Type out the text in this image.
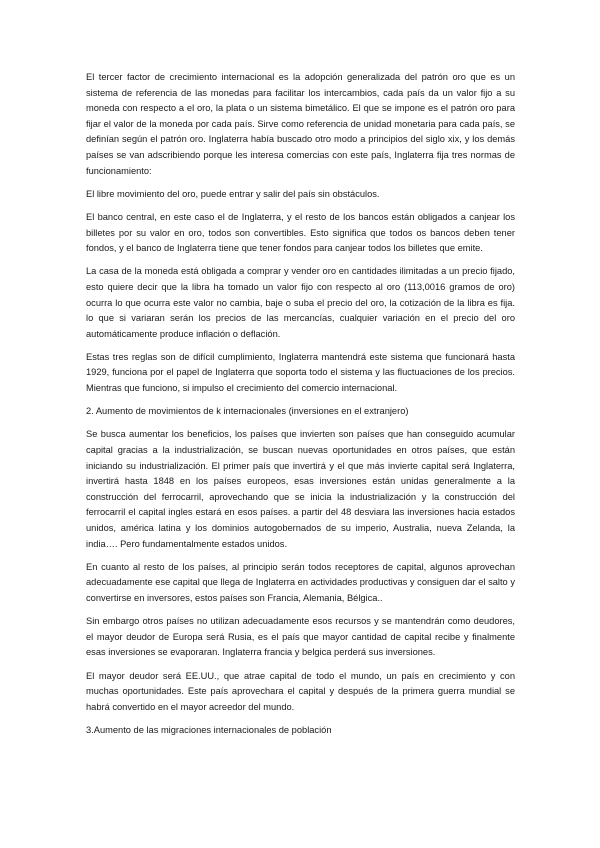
El tercer factor de crecimiento internacional es la adopción generalizada del patrón oro que es un sistema de referencia de las monedas para facilitar los intercambios, cada país da un valor fijo a su moneda con respecto a el oro, la plata o un sistema bimetálico. El que se impone es el patrón oro para fijar el valor de la moneda por cada país. Sirve como referencia de unidad monetaria para cada país, se definían según el patrón oro. Inglaterra había buscado otro modo a principios del siglo xix, y los demás países se van adscribiendo porque les interesa comercias con este país, Inglaterra fija tres normas de funcionamiento:

El libre movimiento del oro, puede entrar y salir del país sin obstáculos.

El banco central, en este caso el de Inglaterra, y el resto de los bancos están obligados a canjear los billetes por su valor en oro, todos son convertibles. Esto significa que todos os bancos deben tener fondos, y el banco de Inglaterra tiene que tener fondos para canjear todos los billetes que emite.

La casa de la moneda está obligada a comprar y vender oro en cantidades ilimitadas a un precio fijado, esto quiere decir que la libra ha tomado un valor fijo con respecto al oro (113,0016 gramos de oro) ocurra lo que ocurra este valor no cambia, baje o suba el precio del oro, la cotización de la libra es fija. lo que si variaran serán los precios de las mercancías, cualquier variación en el precio del oro automáticamente produce inflación o deflación.

Estas tres reglas son de difícil cumplimiento, Inglaterra mantendrá este sistema que funcionará hasta 1929, funciona por el papel de Inglaterra que soporta todo el sistema y las fluctuaciones de los precios. Mientras que funciono, si impulso el crecimiento del comercio internacional.

2. Aumento de movimientos de k internacionales (inversiones en el extranjero)

Se busca aumentar los beneficios, los países que invierten son países que han conseguido acumular capital gracias a la industrialización, se buscan nuevas oportunidades en otros países, que están iniciando su industrialización. El primer país que invertirá y el que más invierte capital será Inglaterra, invertirá hasta 1848 en los países europeos, esas inversiones están unidas generalmente a la construcción del ferrocarril, aprovechando que se inicia la industrialización y la construcción del ferrocarril el capital ingles estará en esos países. a partir del 48 desviara las inversiones hacia estados unidos, américa latina y los dominios autogobernados de su imperio, Australia, nueva Zelanda, la india…. Pero fundamentalmente estados unidos.

En cuanto al resto de los países, al principio serán todos receptores de capital, algunos aprovechan adecuadamente ese capital que llega de Inglaterra en actividades productivas y consiguen dar el salto y convertirse en inversores, estos países son Francia, Alemania, Bélgica..

Sin embargo otros países no utilizan adecuadamente esos recursos y se mantendrán como deudores, el mayor deudor de Europa será Rusia, es el país que mayor cantidad de capital recibe y finalmente esas inversiones se evaporaran. Inglaterra francia y belgica perderá sus inversiones.

El mayor deudor será EE.UU., que atrae capital de todo el mundo, un país en crecimiento y con muchas oportunidades. Este país aprovechara el capital y después de la primera guerra mundial se habrá convertido en el mayor acreedor del mundo.

3.Aumento de las migraciones internacionales de población
